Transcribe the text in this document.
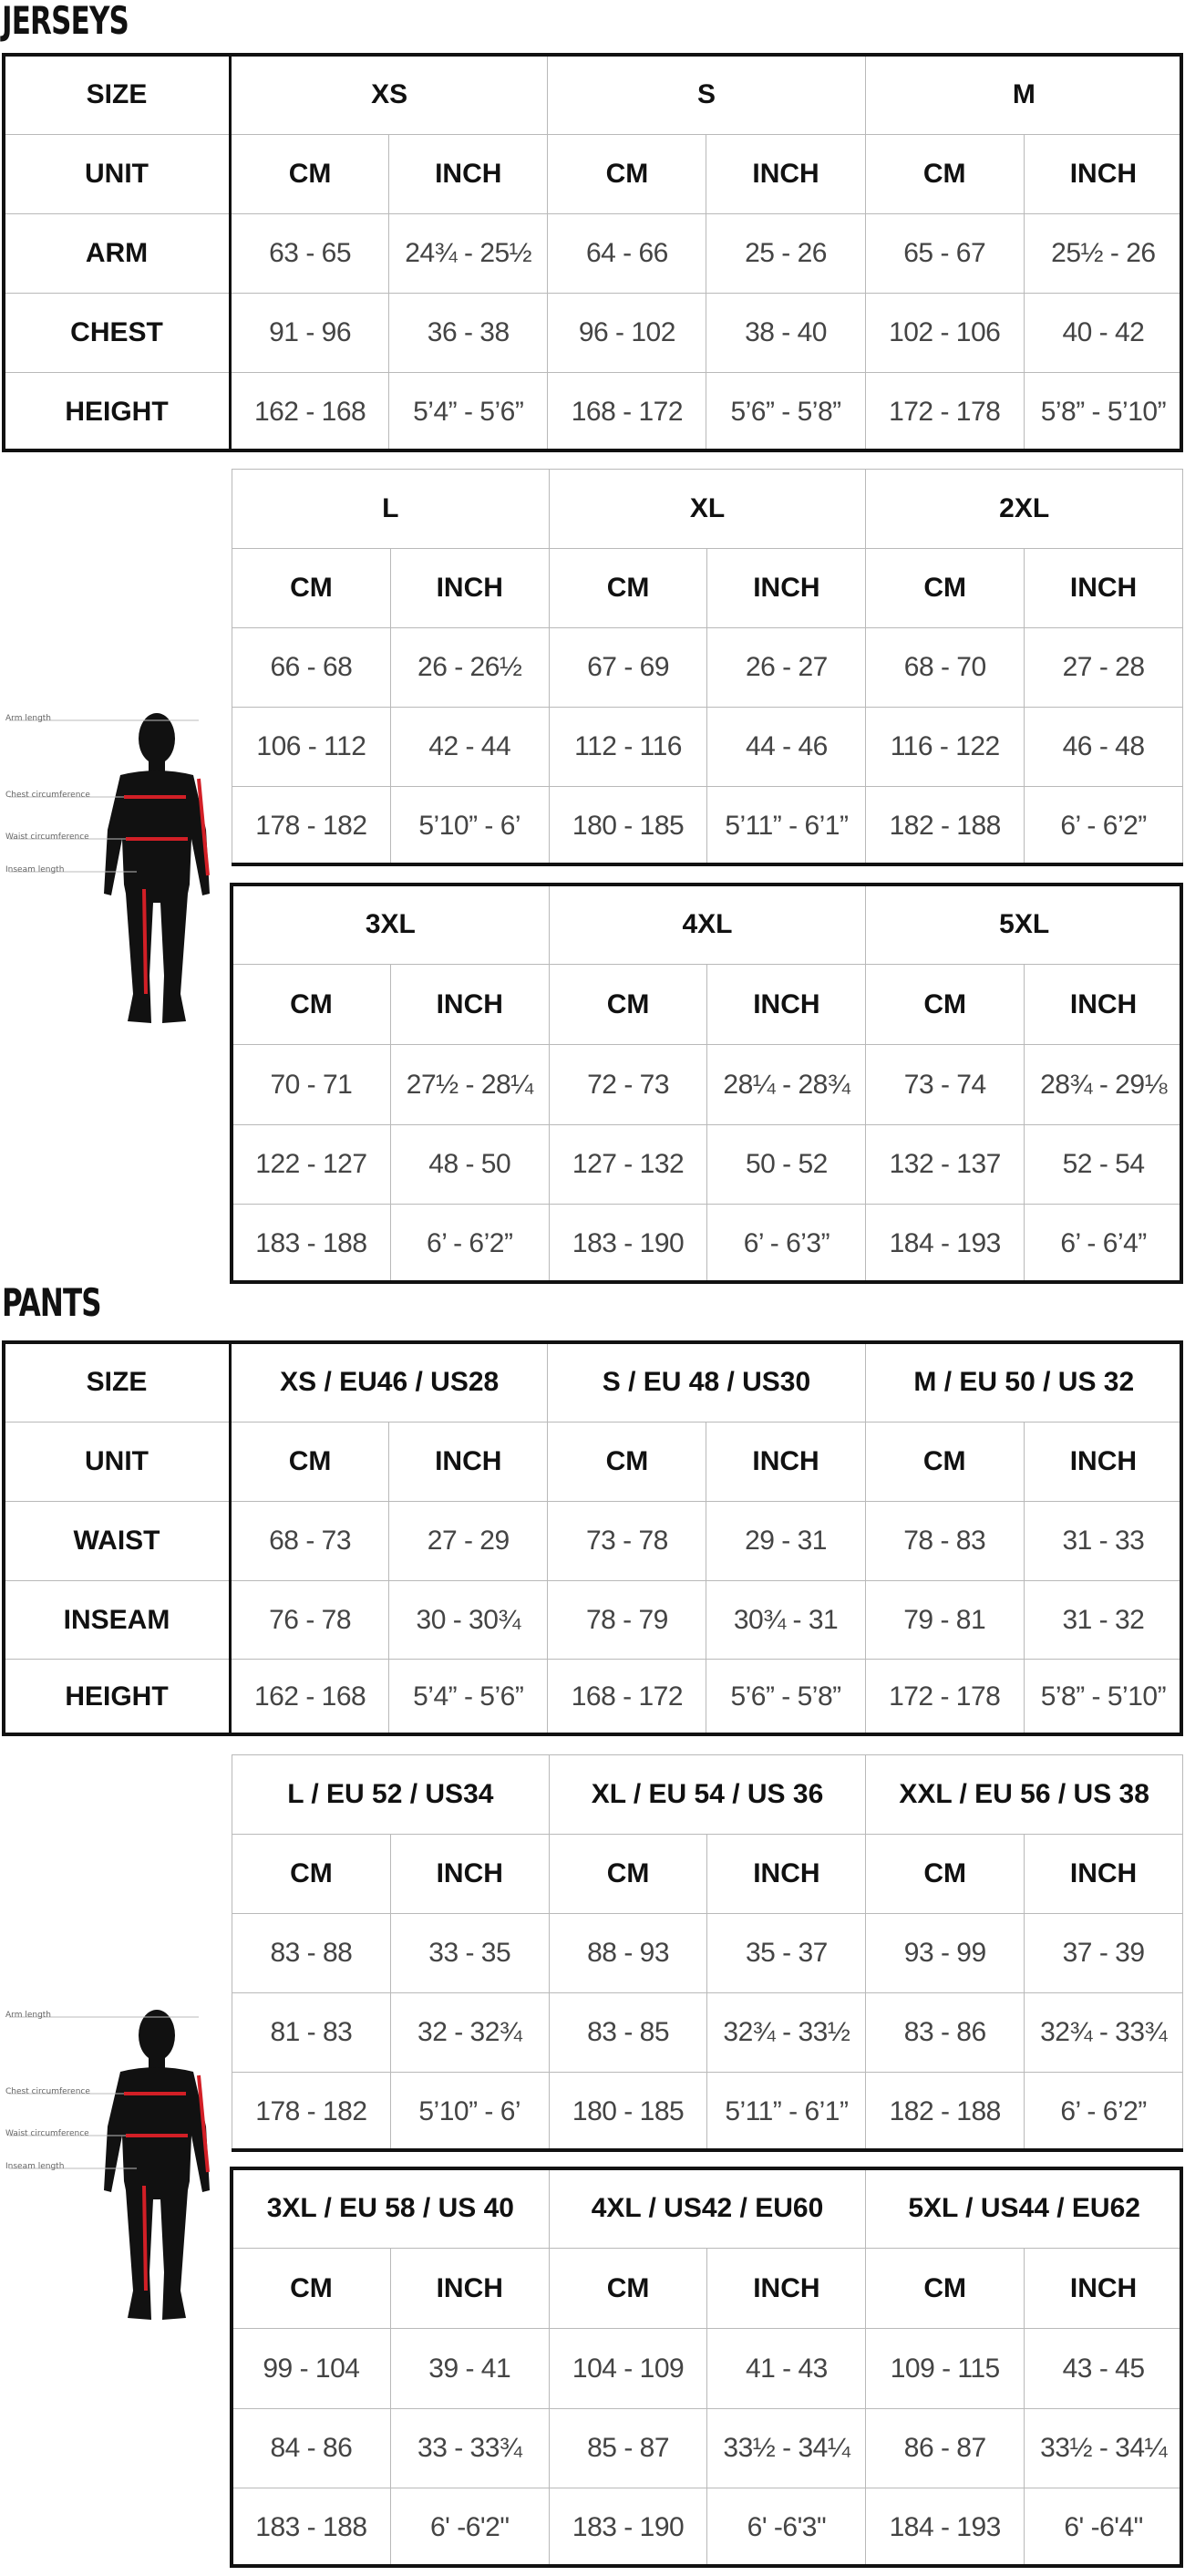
JERSEYS
SIZE	XS		S		M	
UNIT	CM	INCH	CM	INCH	CM	INCH
ARM	63 - 65	24¾ - 25½	64 - 66	25 - 26	65 - 67	25½ - 26
CHEST	91 - 96	36 - 38	96 - 102	38 - 40	102 - 106	40 - 42
HEIGHT	162 - 168	5’4” - 5’6”	168 - 172	5’6” - 5’8”	172 - 178	5’8” - 5’10”
L		XL		2XL	
CM	INCH	CM	INCH	CM	INCH
66 - 68	26 - 26½	67 - 69	26 - 27	68 - 70	27 - 28
106 - 112	42 - 44	112 - 116	44 - 46	116 - 122	46 - 48
178 - 182	5’10” - 6’	180 - 185	5’11” - 6’1”	182 - 188	6’ - 6’2”
3XL		4XL		5XL	
CM	INCH	CM	INCH	CM	INCH
70 - 71	27½ - 28¼	72 - 73	28¼ - 28¾	73 - 74	28¾ - 29⅛
122 - 127	48 - 50	127 - 132	50 - 52	132 - 137	52 - 54
183 - 188	6’ - 6’2”	183 - 190	6’ - 6’3”	184 - 193	6’ - 6’4”
Arm length
Chest circumference
Waist circumference
Inseam length
PANTS
SIZE	XS / EU46 / US28		S / EU 48 / US30		M / EU 50 / US 32	
UNIT	CM	INCH	CM	INCH	CM	INCH
WAIST	68 - 73	27 - 29	73 - 78	29 - 31	78 - 83	31 - 33
INSEAM	76 - 78	30 - 30¾	78 - 79	30¾ - 31	79 - 81	31 - 32
HEIGHT	162 - 168	5’4” - 5’6”	168 - 172	5’6” - 5’8”	172 - 178	5’8” - 5’10”
L / EU 52 / US34		XL / EU 54 / US 36		XXL / EU 56 / US 38	
CM	INCH	CM	INCH	CM	INCH
83 - 88	33 - 35	88 - 93	35 - 37	93 - 99	37 - 39
81 - 83	32 - 32¾	83 - 85	32¾ - 33½	83 - 86	32¾ - 33¾
178 - 182	5’10” - 6’	180 - 185	5’11” - 6’1”	182 - 188	6’ - 6’2”
3XL / EU 58 / US 40		4XL / US42 / EU60		5XL / US44 / EU62	
CM	INCH	CM	INCH	CM	INCH
99 - 104	39 - 41	104 - 109	41 - 43	109 - 115	43 - 45
84 - 86	33 - 33¾	85 - 87	33½ - 34¼	86 - 87	33½ - 34¼
183 - 188	6' -6'2"	183 - 190	6' -6'3"	184 - 193	6' -6'4"
Arm length
Chest circumference
Waist circumference
Inseam length
